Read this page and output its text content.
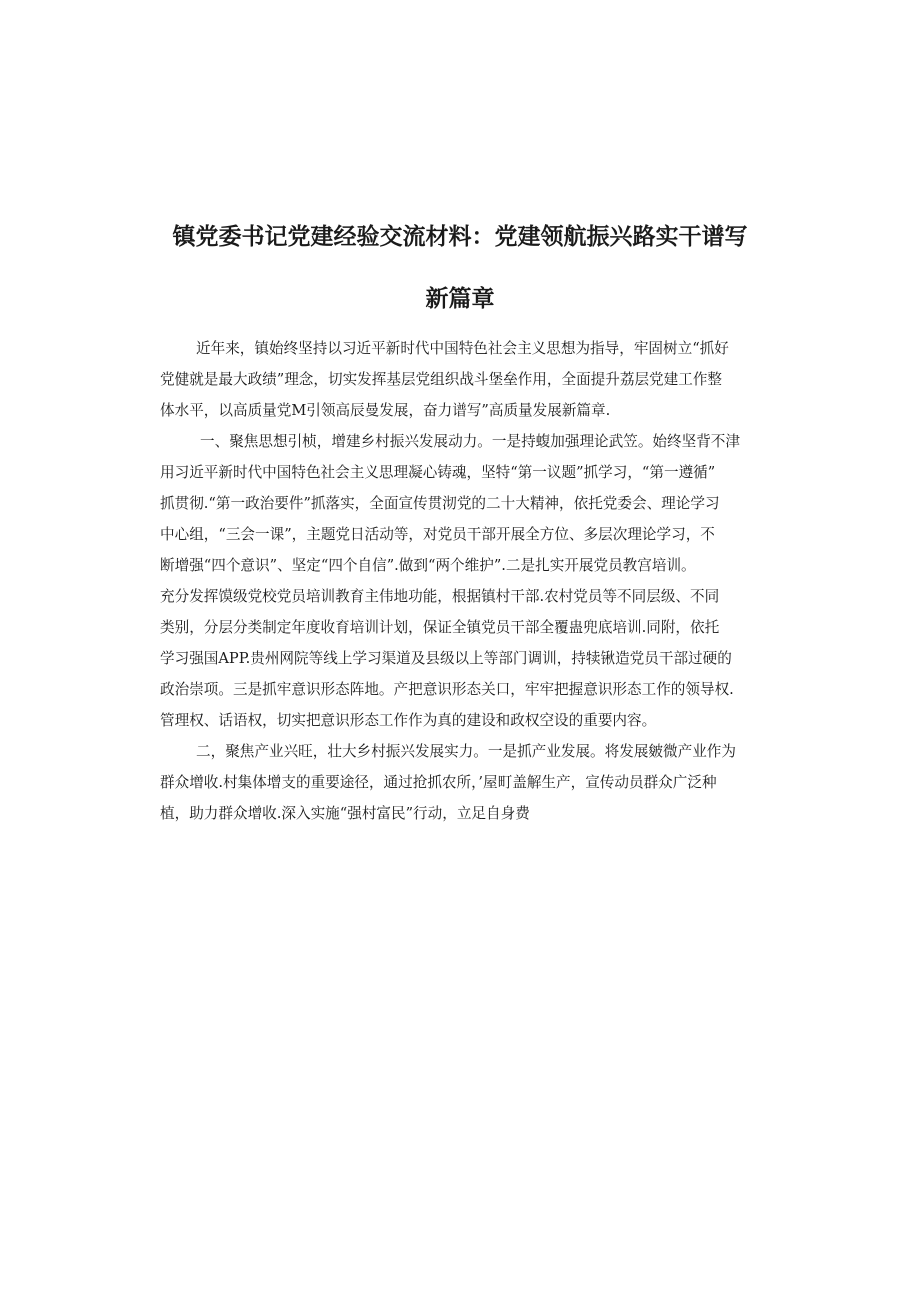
镇党委书记党建经验交流材料：党建领航振兴路实干谱写
新篇章
近年来，镇始终坚持以习近平新时代中国特色社会主义思想为指导，牢固树立“抓好
党健就是最大政绩”理念，切实发挥基层党组织战斗堡垒作用，全面提升荔层党建工作整
体水平，以高质量党M引领高辰曼发展，奋力谱写”高质量发展新篇章.
一、聚焦思想引桢，增建乡村振兴发展动力。一是持蝮加强理论武笠。始终坚背不津
用习近平新时代中国特色社会主义思理凝心铸魂，坚特“第一议题”抓学习，“第一遵循”
抓贯彻.“第一政治要件”抓落实，全面宣传贯沏党的二十大精神，依托党委会、理论学习
中心组，“三会一课”，主题党日活动等，对党员干部开展全方位、多层次理论学习，不
断增强“四个意识”、坚定“四个自信”.做到“两个维护”.二是扎实开展党员教宫培训。
充分发挥馍级党校党员培训教育主伟地功能，根据镇村干部.农村党员等不同层级、不同
类别，分层分类制定年度收育培训计划，保证全镇党员干部全覆蛊兜底培训.同附，依托
学习强国APP.贵州网院等线上学习渠道及县级以上等部门调训，持犊锹造党员干部过硬的
政治崇项。三是抓牢意识形态阵地。产把意识形态关口，牢牢把握意识形态工作的领导权.
管理权、话语权，切实把意识形态工作作为真的建设和政权空设的重要内容。
二，聚焦产业兴旺，壮大乡村振兴发展实力。一是抓产业发展。将发展皴微产业作为
群众增收.村集体增支的重要途径，通过抢抓农所，’屋町盖解生产，宣传动员群众广泛种
植，助力群众增收.深入实施“强村富民”行动，立足自身费
